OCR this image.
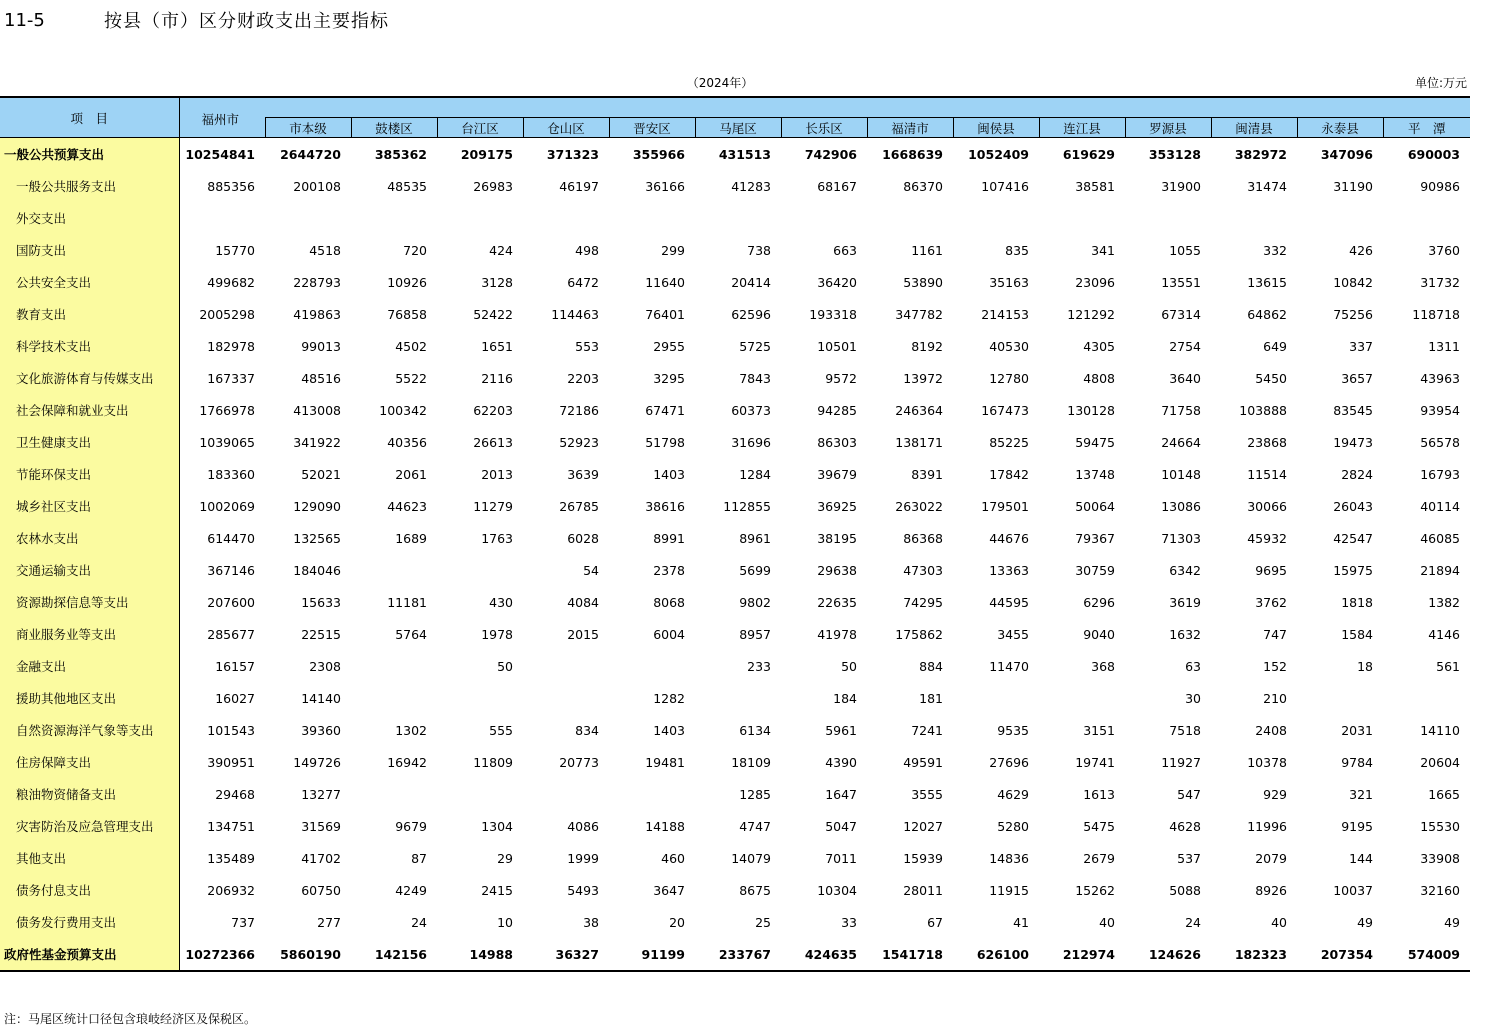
11-5	按县（市）区分财政支出主要指标
（2024年）	单位:万元
项　目	福州市														
		市本级	鼓楼区	台江区	仓山区	晋安区	马尾区	长乐区	福清市	闽侯县	连江县	罗源县	闽清县	永泰县	平　潭
一般公共预算支出	10254841	2644720	385362	209175	371323	355966	431513	742906	1668639	1052409	619629	353128	382972	347096	690003
一般公共服务支出	885356	200108	48535	26983	46197	36166	41283	68167	86370	107416	38581	31900	31474	31190	90986
外交支出															
国防支出	15770	4518	720	424	498	299	738	663	1161	835	341	1055	332	426	3760
公共安全支出	499682	228793	10926	3128	6472	11640	20414	36420	53890	35163	23096	13551	13615	10842	31732
教育支出	2005298	419863	76858	52422	114463	76401	62596	193318	347782	214153	121292	67314	64862	75256	118718
科学技术支出	182978	99013	4502	1651	553	2955	5725	10501	8192	40530	4305	2754	649	337	1311
文化旅游体育与传媒支出	167337	48516	5522	2116	2203	3295	7843	9572	13972	12780	4808	3640	5450	3657	43963
社会保障和就业支出	1766978	413008	100342	62203	72186	67471	60373	94285	246364	167473	130128	71758	103888	83545	93954
卫生健康支出	1039065	341922	40356	26613	52923	51798	31696	86303	138171	85225	59475	24664	23868	19473	56578
节能环保支出	183360	52021	2061	2013	3639	1403	1284	39679	8391	17842	13748	10148	11514	2824	16793
城乡社区支出	1002069	129090	44623	11279	26785	38616	112855	36925	263022	179501	50064	13086	30066	26043	40114
农林水支出	614470	132565	1689	1763	6028	8991	8961	38195	86368	44676	79367	71303	45932	42547	46085
交通运输支出	367146	184046			54	2378	5699	29638	47303	13363	30759	6342	9695	15975	21894
资源勘探信息等支出	207600	15633	11181	430	4084	8068	9802	22635	74295	44595	6296	3619	3762	1818	1382
商业服务业等支出	285677	22515	5764	1978	2015	6004	8957	41978	175862	3455	9040	1632	747	1584	4146
金融支出	16157	2308		50			233	50	884	11470	368	63	152	18	561
援助其他地区支出	16027	14140				1282		184	181			30	210		
自然资源海洋气象等支出	101543	39360	1302	555	834	1403	6134	5961	7241	9535	3151	7518	2408	2031	14110
住房保障支出	390951	149726	16942	11809	20773	19481	18109	4390	49591	27696	19741	11927	10378	9784	20604
粮油物资储备支出	29468	13277					1285	1647	3555	4629	1613	547	929	321	1665
灾害防治及应急管理支出	134751	31569	9679	1304	4086	14188	4747	5047	12027	5280	5475	4628	11996	9195	15530
其他支出	135489	41702	87	29	1999	460	14079	7011	15939	14836	2679	537	2079	144	33908
债务付息支出	206932	60750	4249	2415	5493	3647	8675	10304	28011	11915	15262	5088	8926	10037	32160
债务发行费用支出	737	277	24	10	38	20	25	33	67	41	40	24	40	49	49
政府性基金预算支出	10272366	5860190	142156	14988	36327	91199	233767	424635	1541718	626100	212974	124626	182323	207354	574009
注：马尾区统计口径包含琅岐经济区及保税区。
